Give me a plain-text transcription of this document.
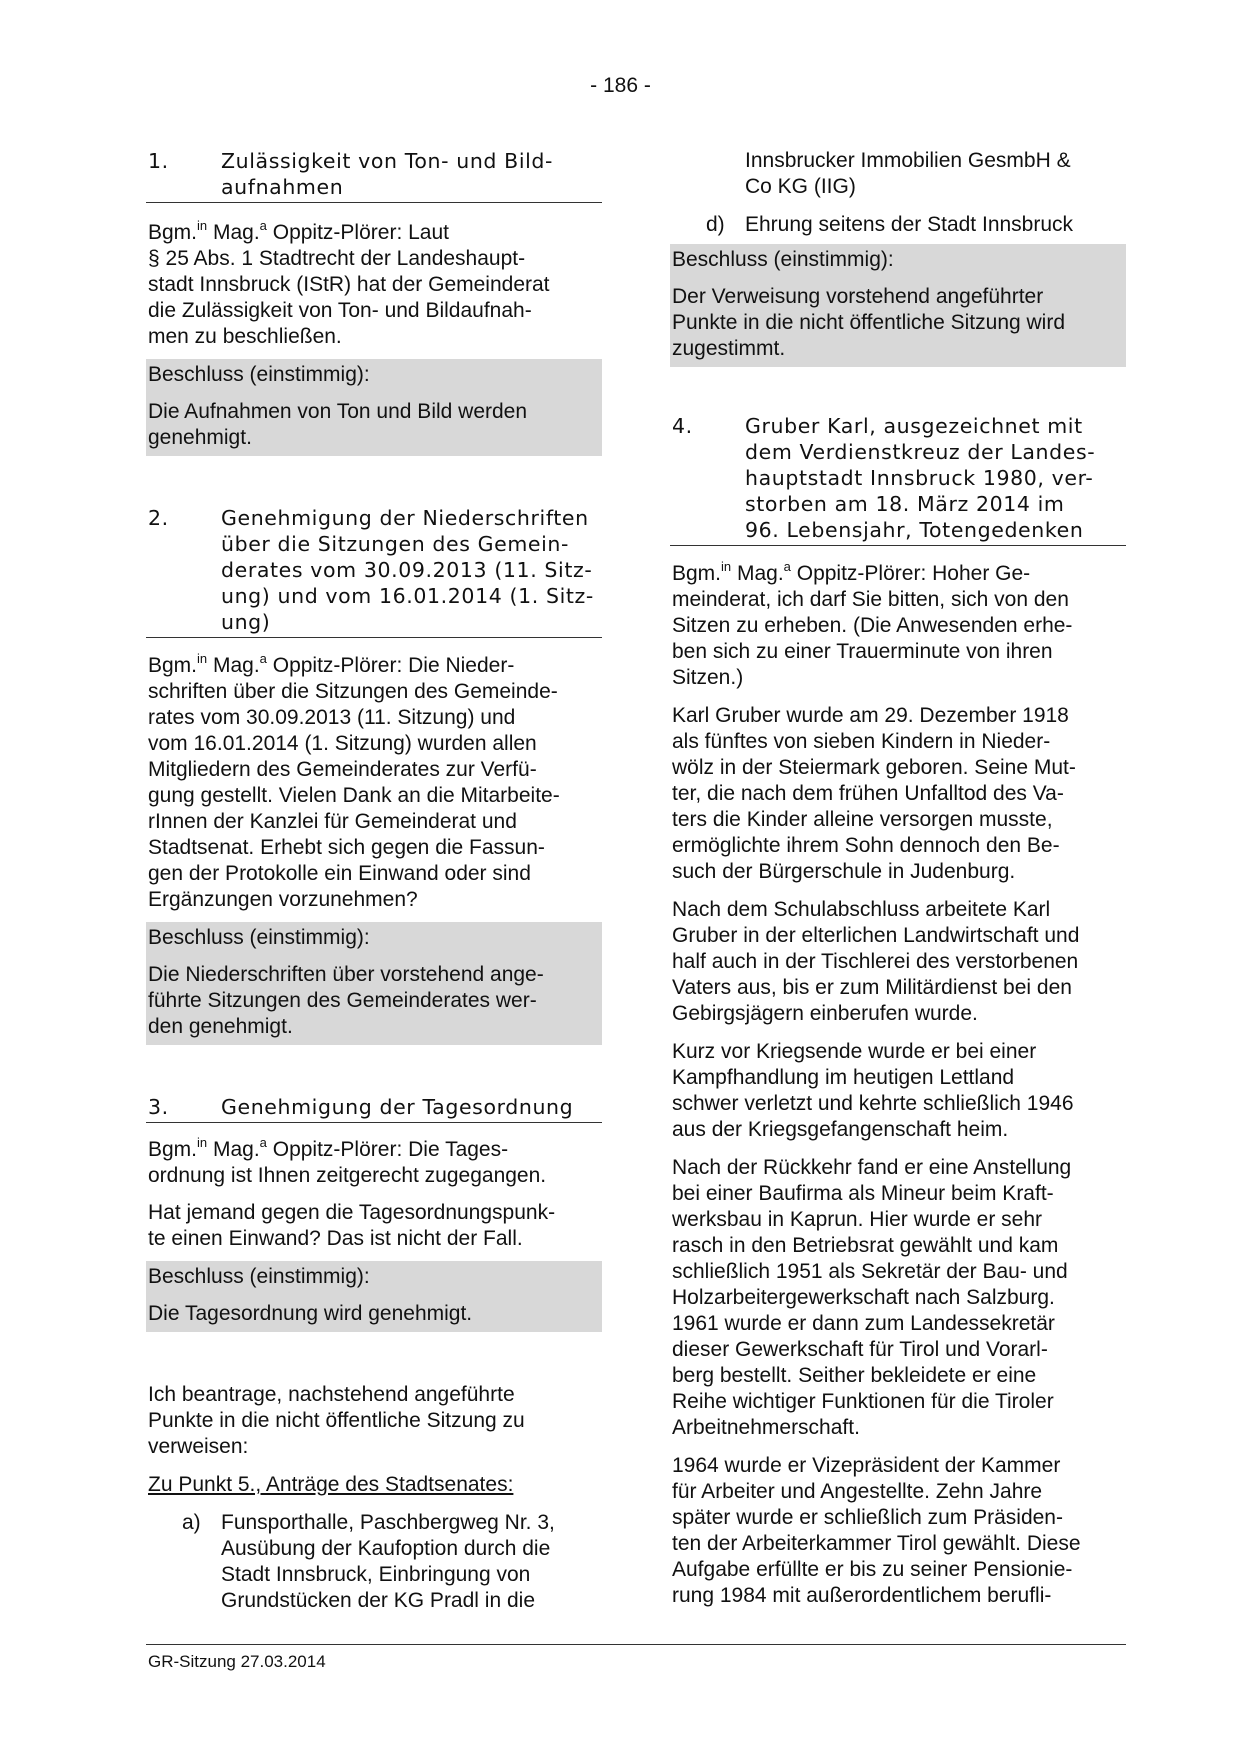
- 186 -
1.	Zulässigkeit von Ton- und Bild-
aufnahmen
Bgm.$^{in}$ Mag.$^a$ Oppitz-Plörer: Laut
§ 25 Abs. 1 Stadtrecht der Landeshaupt-
stadt Innsbruck (IStR) hat der Gemeinderat
die Zulässigkeit von Ton- und Bildaufnah-
men zu beschließen.
Beschluss (einstimmig):
Die Aufnahmen von Ton und Bild werden
genehmigt.
2.	Genehmigung der Niederschriften
über die Sitzungen des Gemein-
derates vom 30.09.2013 (11. Sitz-
ung) und vom 16.01.2014 (1. Sitz-
ung)
Bgm.$^{in}$ Mag.$^a$ Oppitz-Plörer: Die Nieder-
schriften über die Sitzungen des Gemeinde-
rates vom 30.09.2013 (11. Sitzung) und
vom 16.01.2014 (1. Sitzung) wurden allen
Mitgliedern des Gemeinderates zur Verfü-
gung gestellt. Vielen Dank an die Mitarbeite-
rInnen der Kanzlei für Gemeinderat und
Stadtsenat. Erhebt sich gegen die Fassun-
gen der Protokolle ein Einwand oder sind
Ergänzungen vorzunehmen?
Beschluss (einstimmig):
Die Niederschriften über vorstehend ange-
führte Sitzungen des Gemeinderates wer-
den genehmigt.
3.	Genehmigung der Tagesordnung
Bgm.$^{in}$ Mag.$^a$ Oppitz-Plörer: Die Tages-
ordnung ist Ihnen zeitgerecht zugegangen.
Hat jemand gegen die Tagesordnungspunk-
te einen Einwand? Das ist nicht der Fall.
Beschluss (einstimmig):
Die Tagesordnung wird genehmigt.
Ich beantrage, nachstehend angeführte
Punkte in die nicht öffentliche Sitzung zu
verweisen:
Zu Punkt 5., Anträge des Stadtsenates:
a) Funsporthalle, Paschbergweg Nr. 3,
Ausübung der Kaufoption durch die
Stadt Innsbruck, Einbringung von
Grundstücken der KG Pradl in die
Innsbrucker Immobilien GesmbH &
Co KG (IIG)
d) Ehrung seitens der Stadt Innsbruck
Beschluss (einstimmig):
Der Verweisung vorstehend angeführter
Punkte in die nicht öffentliche Sitzung wird
zugestimmt.
4.	Gruber Karl, ausgezeichnet mit
dem Verdienstkreuz der Landes-
hauptstadt Innsbruck 1980, ver-
storben am 18. März 2014 im
96. Lebensjahr, Totengedenken
Bgm.$^{in}$ Mag.$^a$ Oppitz-Plörer: Hoher Ge-
meinderat, ich darf Sie bitten, sich von den
Sitzen zu erheben. (Die Anwesenden erhe-
ben sich zu einer Trauerminute von ihren
Sitzen.)
Karl Gruber wurde am 29. Dezember 1918
als fünftes von sieben Kindern in Nieder-
wölz in der Steiermark geboren. Seine Mut-
ter, die nach dem frühen Unfalltod des Va-
ters die Kinder alleine versorgen musste,
ermöglichte ihrem Sohn dennoch den Be-
such der Bürgerschule in Judenburg.
Nach dem Schulabschluss arbeitete Karl
Gruber in der elterlichen Landwirtschaft und
half auch in der Tischlerei des verstorbenen
Vaters aus, bis er zum Militärdienst bei den
Gebirgsjägern einberufen wurde.
Kurz vor Kriegsende wurde er bei einer
Kampfhandlung im heutigen Lettland
schwer verletzt und kehrte schließlich 1946
aus der Kriegsgefangenschaft heim.
Nach der Rückkehr fand er eine Anstellung
bei einer Baufirma als Mineur beim Kraft-
werksbau in Kaprun. Hier wurde er sehr
rasch in den Betriebsrat gewählt und kam
schließlich 1951 als Sekretär der Bau- und
Holzarbeitergewerkschaft nach Salzburg.
1961 wurde er dann zum Landessekretär
dieser Gewerkschaft für Tirol und Vorarl-
berg bestellt. Seither bekleidete er eine
Reihe wichtiger Funktionen für die Tiroler
Arbeitnehmerschaft.
1964 wurde er Vizepräsident der Kammer
für Arbeiter und Angestellte. Zehn Jahre
später wurde er schließlich zum Präsiden-
ten der Arbeiterkammer Tirol gewählt. Diese
Aufgabe erfüllte er bis zu seiner Pensionie-
rung 1984 mit außerordentlichem berufli-
GR-Sitzung 27.03.2014
